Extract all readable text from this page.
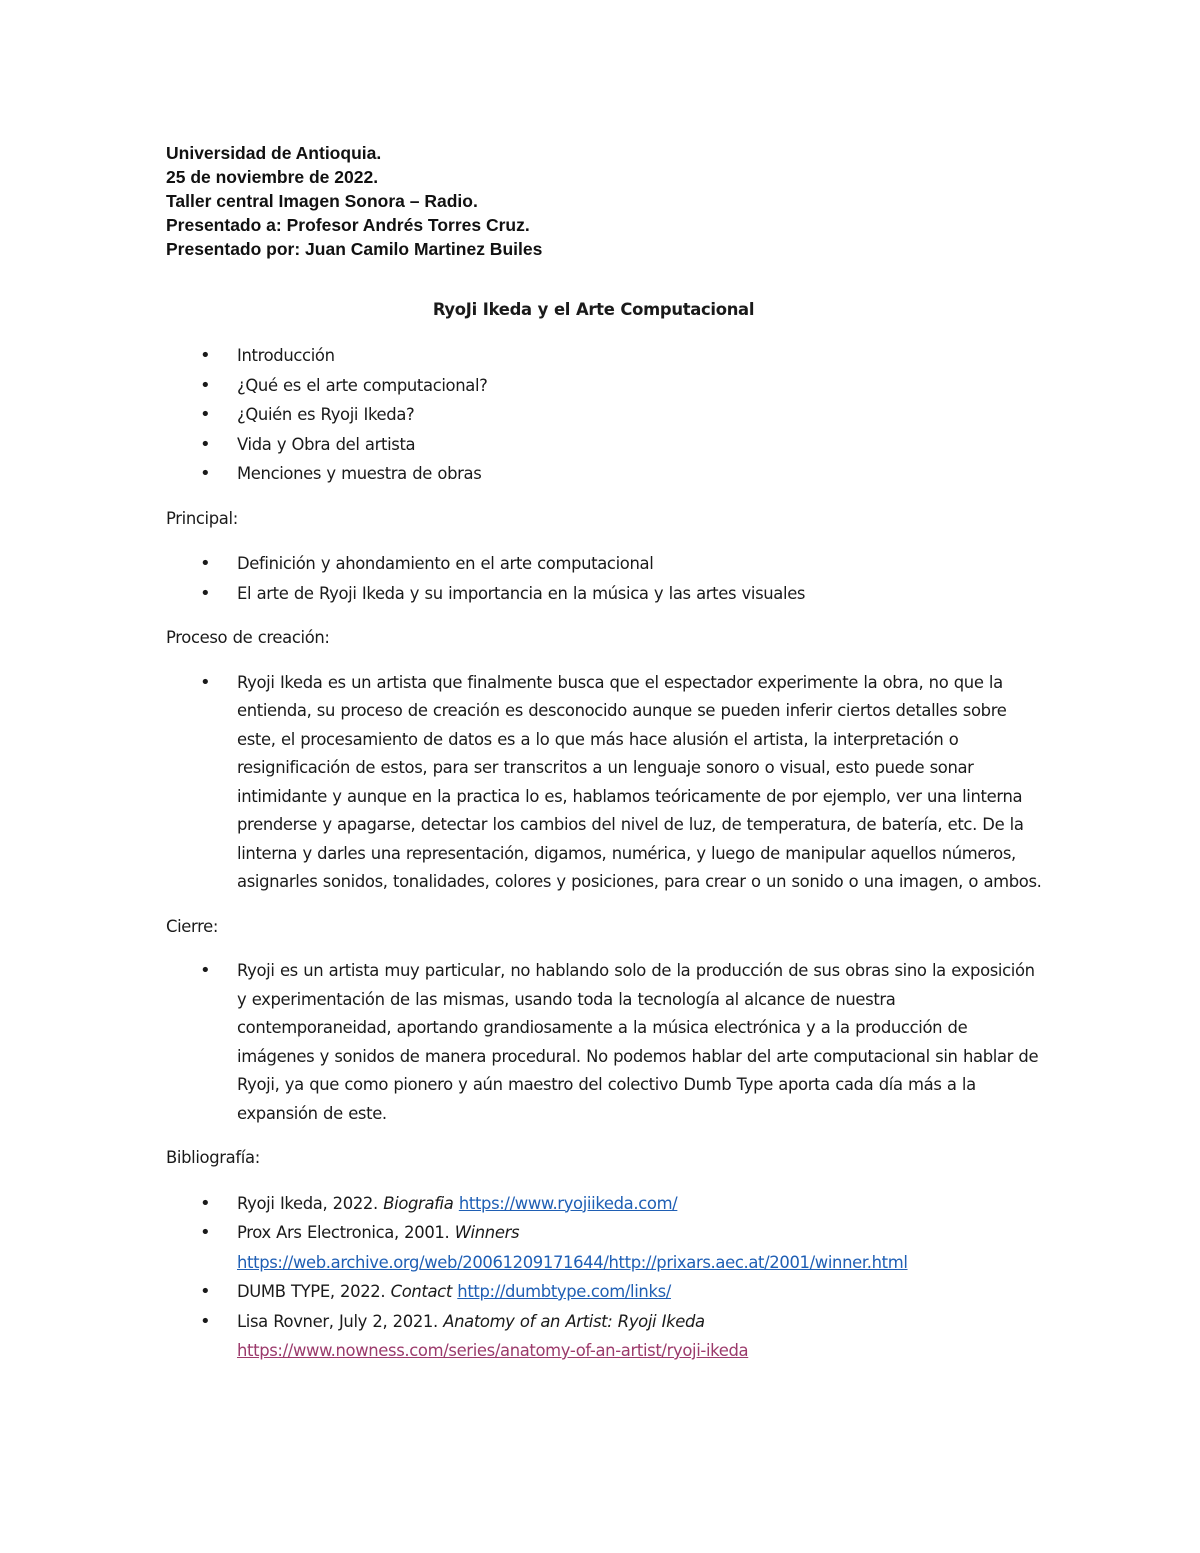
Universidad de Antioquia.
25 de noviembre de 2022.
Taller central Imagen Sonora – Radio.
Presentado a: Profesor Andrés Torres Cruz.
Presentado por: Juan Camilo Martinez Builes
RyoJi Ikeda y el Arte Computacional
• Introducción
• ¿Qué es el arte computacional?
• ¿Quién es Ryoji Ikeda?
• Vida y Obra del artista
• Menciones y muestra de obras
Principal:
• Definición y ahondamiento en el arte computacional
• El arte de Ryoji Ikeda y su importancia en la música y las artes visuales
Proceso de creación:
• Ryoji Ikeda es un artista que finalmente busca que el espectador experimente la obra, no que la entienda, su proceso de creación es desconocido aunque se pueden inferir ciertos detalles sobre este, el procesamiento de datos es a lo que más hace alusión el artista, la interpretación o resignificación de estos, para ser transcritos a un lenguaje sonoro o visual, esto puede sonar intimidante y aunque en la practica lo es, hablamos teóricamente de por ejemplo, ver una linterna prenderse y apagarse, detectar los cambios del nivel de luz, de temperatura, de batería, etc. De la linterna y darles una representación, digamos, numérica, y luego de manipular aquellos números, asignarles sonidos, tonalidades, colores y posiciones, para crear o un sonido o una imagen, o ambos.
Cierre:
• Ryoji es un artista muy particular, no hablando solo de la producción de sus obras sino la exposición y experimentación de las mismas, usando toda la tecnología al alcance de nuestra contemporaneidad, aportando grandiosamente a la música electrónica y a la producción de imágenes y sonidos de manera procedural. No podemos hablar del arte computacional sin hablar de Ryoji, ya que como pionero y aún maestro del colectivo Dumb Type aporta cada día más a la expansión de este.
Bibliografía:
• Ryoji Ikeda, 2022. Biografia https://www.ryojiikeda.com/
• Prox Ars Electronica, 2001. Winners
https://web.archive.org/web/20061209171644/http://prixars.aec.at/2001/winner.html
• DUMB TYPE, 2022. Contact http://dumbtype.com/links/
• Lisa Rovner, July 2, 2021. Anatomy of an Artist: Ryoji Ikeda
https://www.nowness.com/series/anatomy-of-an-artist/ryoji-ikeda
